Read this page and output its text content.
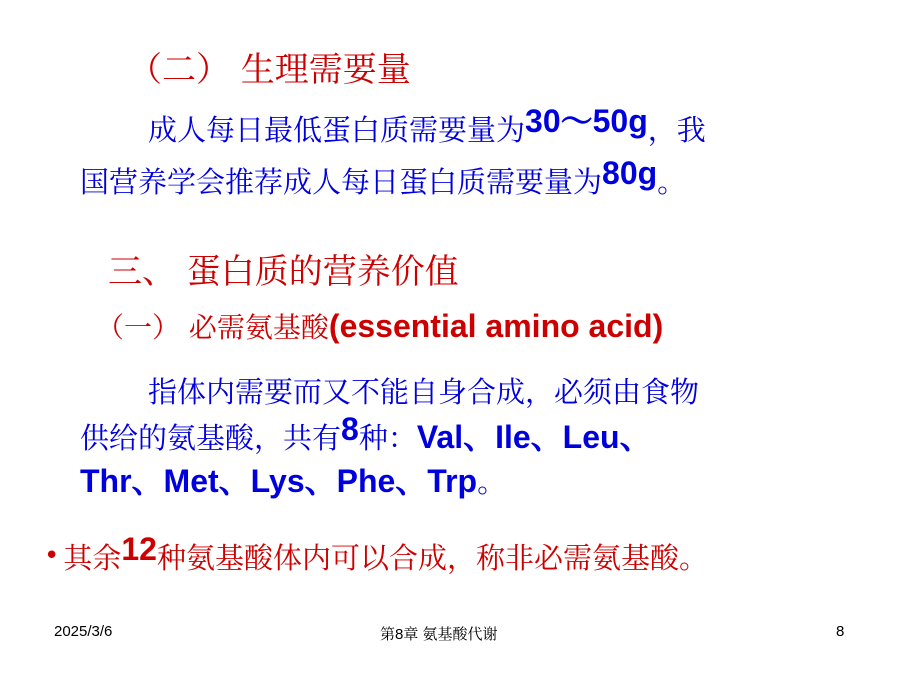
（二） 生理需要量
成人每日最低蛋白质需要量为30～50g，我
国营养学会推荐成人每日蛋白质需要量为80g。
三、 蛋白质的营养价值
（一） 必需氨基酸(essential amino acid)
指体内需要而又不能自身合成，必须由食物
供给的氨基酸，共有8种：Val、Ile、Leu、
Thr、Met、Lys、Phe、Trp。
• 其余12种氨基酸体内可以合成，称非必需氨基酸。
2025/3/6	第8章 氨基酸代谢	8
